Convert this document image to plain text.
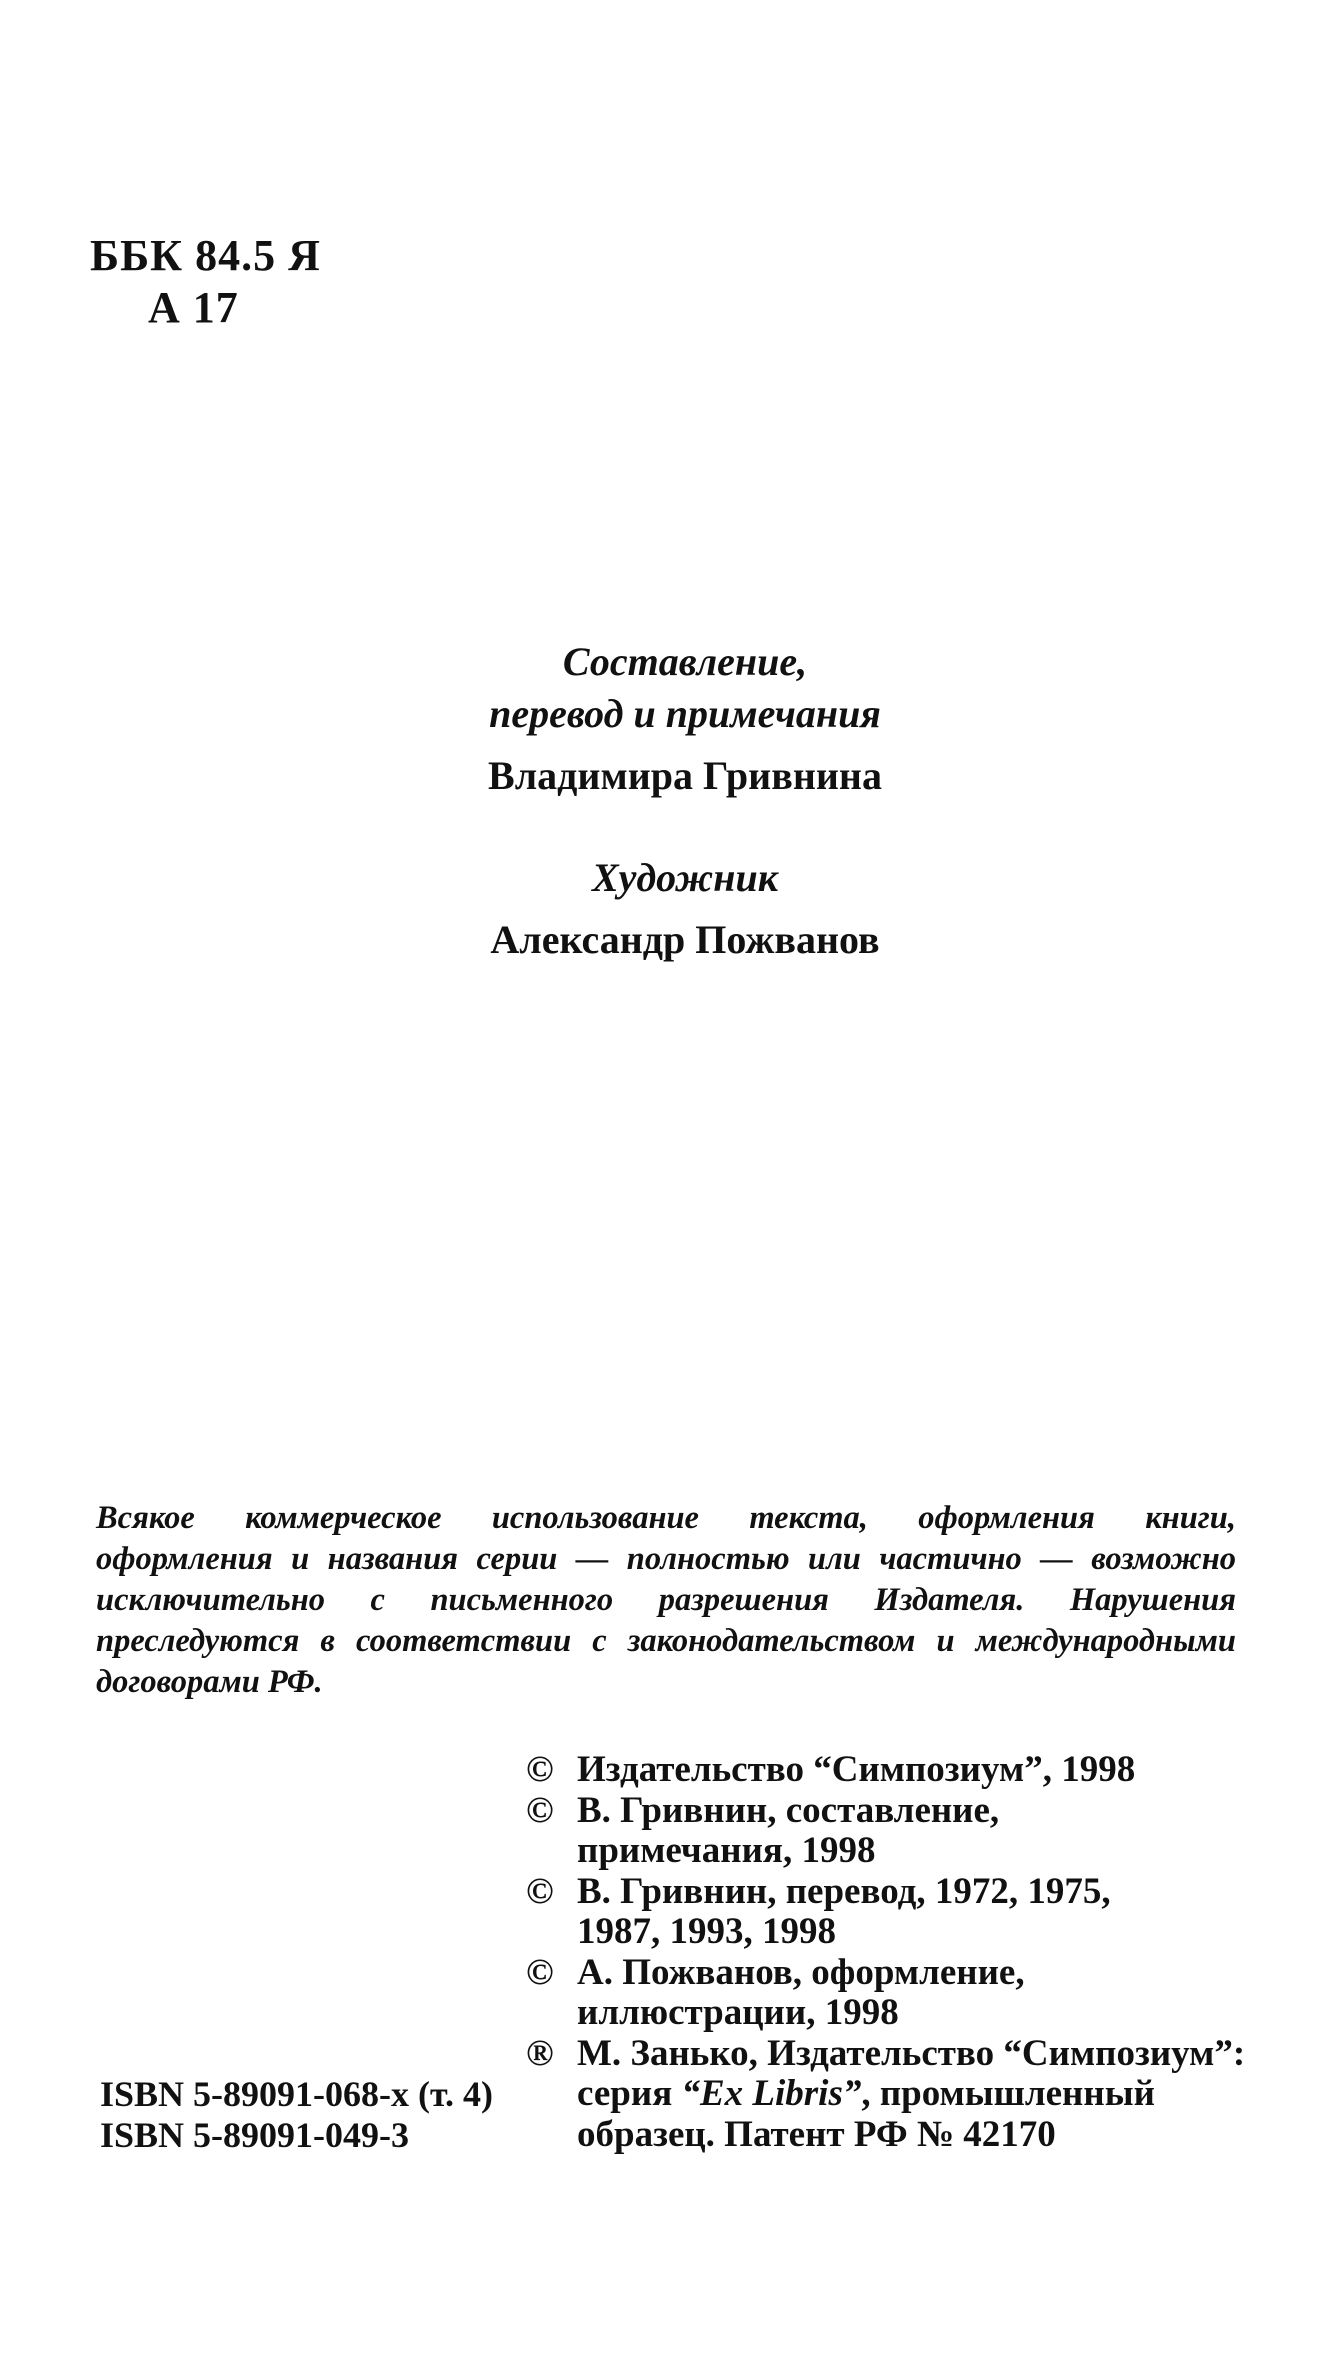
ББК 84.5 Я
А 17
Составление,
перевод и примечания
Владимира Гривнина
Художник
Александр Пожванов
Всякое коммерческое использование текста, оформления книги,
оформления и названия серии — полностью или частично — возможно
исключительно с письменного разрешения Издателя. Нарушения
преследуются в соответствии с законодательством и международными
договорами РФ.
© Издательство “Симпозиум”, 1998
© В. Гривнин, составление,
примечания, 1998
© В. Гривнин, перевод, 1972, 1975,
1987, 1993, 1998
© А. Пожванов, оформление,
иллюстрации, 1998
® М. Занько, Издательство “Симпозиум”:
серия “Ex Libris”, промышленный
образец. Патент РФ № 42170
ISBN 5-89091-068-х (т. 4)
ISBN 5-89091-049-3
